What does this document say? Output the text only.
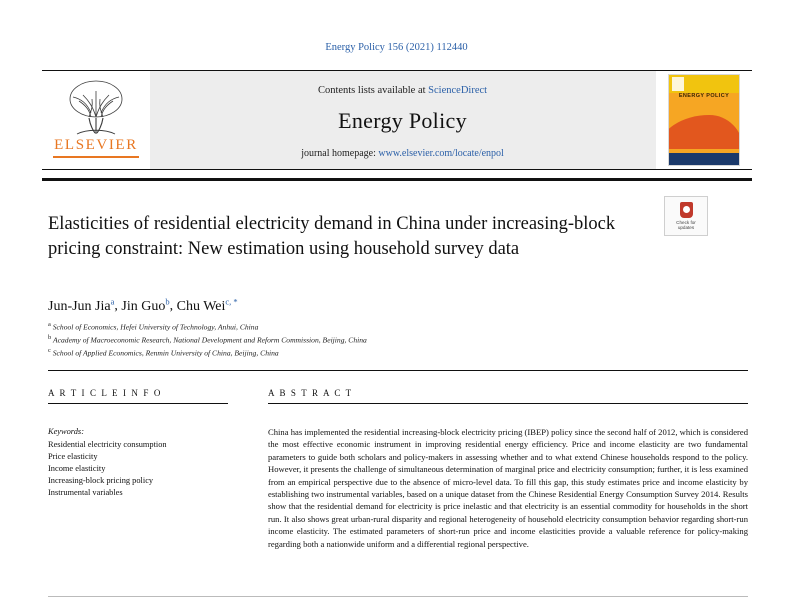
Energy Policy 156 (2021) 112440
ELSEVIER
Contents lists available at ScienceDirect
Energy Policy
journal homepage: www.elsevier.com/locate/enpol
ENERGY POLICY
Check for
updates
Elasticities of residential electricity demand in China under increasing-block pricing constraint: New estimation using household survey data
Jun-Jun Jia$^a$, Jin Guo$^b$, Chu Wei$^{c, *}$
$^a$ School of Economics, Hefei University of Technology, Anhui, China
$^b$ Academy of Macroeconomic Research, National Development and Reform Commission, Beijing, China
$^c$ School of Applied Economics, Renmin University of China, Beijing, China
A R T I C L E I N F O
Keywords:
Residential electricity consumption
Price elasticity
Income elasticity
Increasing-block pricing policy
Instrumental variables
A B S T R A C T
China has implemented the residential increasing-block electricity pricing (IBEP) policy since the second half of 2012, which is considered the most effective economic instrument in improving residential energy efficiency. Price and income elasticity are two fundamental parameters to guide both scholars and policy-makers in assessing whether and to what extend Chinese households respond to the policy. However, it presents the challenge of simultaneous determination of marginal price and electricity consumption; further, it is less examined from an empirical perspective due to the absence of micro-level data. To fill this gap, this study estimates price and income elasticity by establishing two instrumental variables, based on a unique dataset from the Chinese Residential Energy Consumption Survey 2014. Results show that the residential demand for electricity is price inelastic and that electricity is an essential commodity for households in the short run. It also shows great urban-rural disparity and regional heterogeneity of household electricity consumption behavior regarding short-run income elasticity. The estimated parameters of short-run price and income elasticities provide a valuable reference for policy-making regarding both a nationwide uniform and a differential regional perspective.
